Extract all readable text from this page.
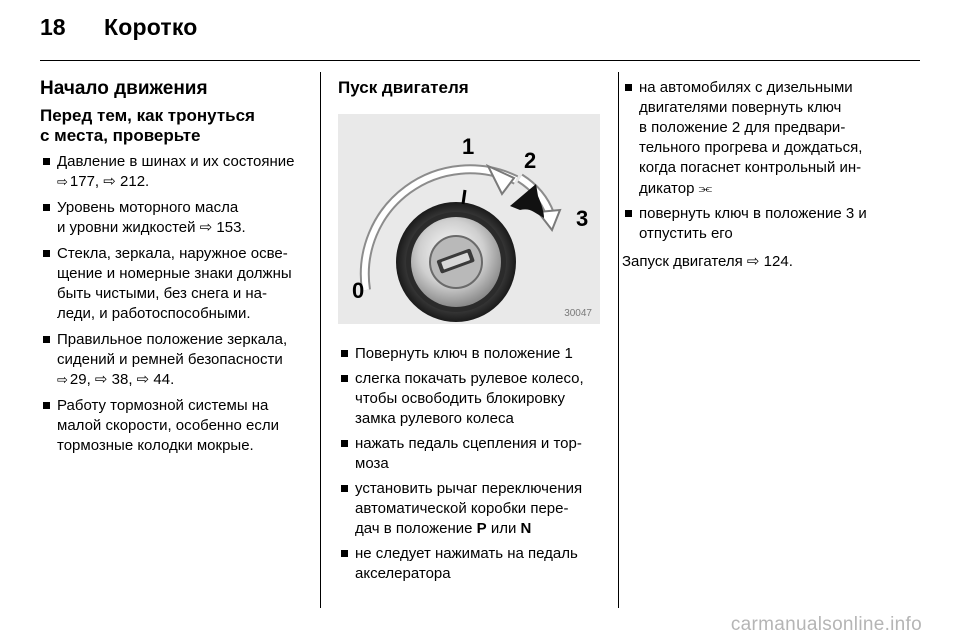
18	Коротко
Начало движения
Перед тем, как тронуться
с места, проверьте
Давление в шинах и их состояние
⇨ 177, ⇨ 212.
Уровень моторного масла
и уровни жидкостей ⇨ 153.
Стекла, зеркала, наружное осве-
щение и номерные знаки должны
быть чистыми, без снега и на-
леди, и работоспособными.
Правильное положение зеркала,
сидений и ремней безопасности
⇨ 29, ⇨ 38, ⇨ 44.
Работу тормозной системы на
малой скорости, особенно если
тормозные колодки мокрые.
Пуск двигателя
0
1
2
3
30047
Повернуть ключ в положение 1
слегка покачать рулевое колесо,
чтобы освободить блокировку
замка рулевого колеса
нажать педаль сцепления и тор-
моза
установить рычаг переключения
автоматической коробки пере-
дач в положение P или N
не следует нажимать на педаль
акселератора
на автомобилях с дизельными
двигателями повернуть ключ
в положение 2 для предвари-
тельного прогрева и дождаться,
когда погаснет контрольный ин-
дикатор ⫘
повернуть ключ в положение 3 и
отпустить его

Запуск двигателя ⇨ 124.

carmanualsonline.info
